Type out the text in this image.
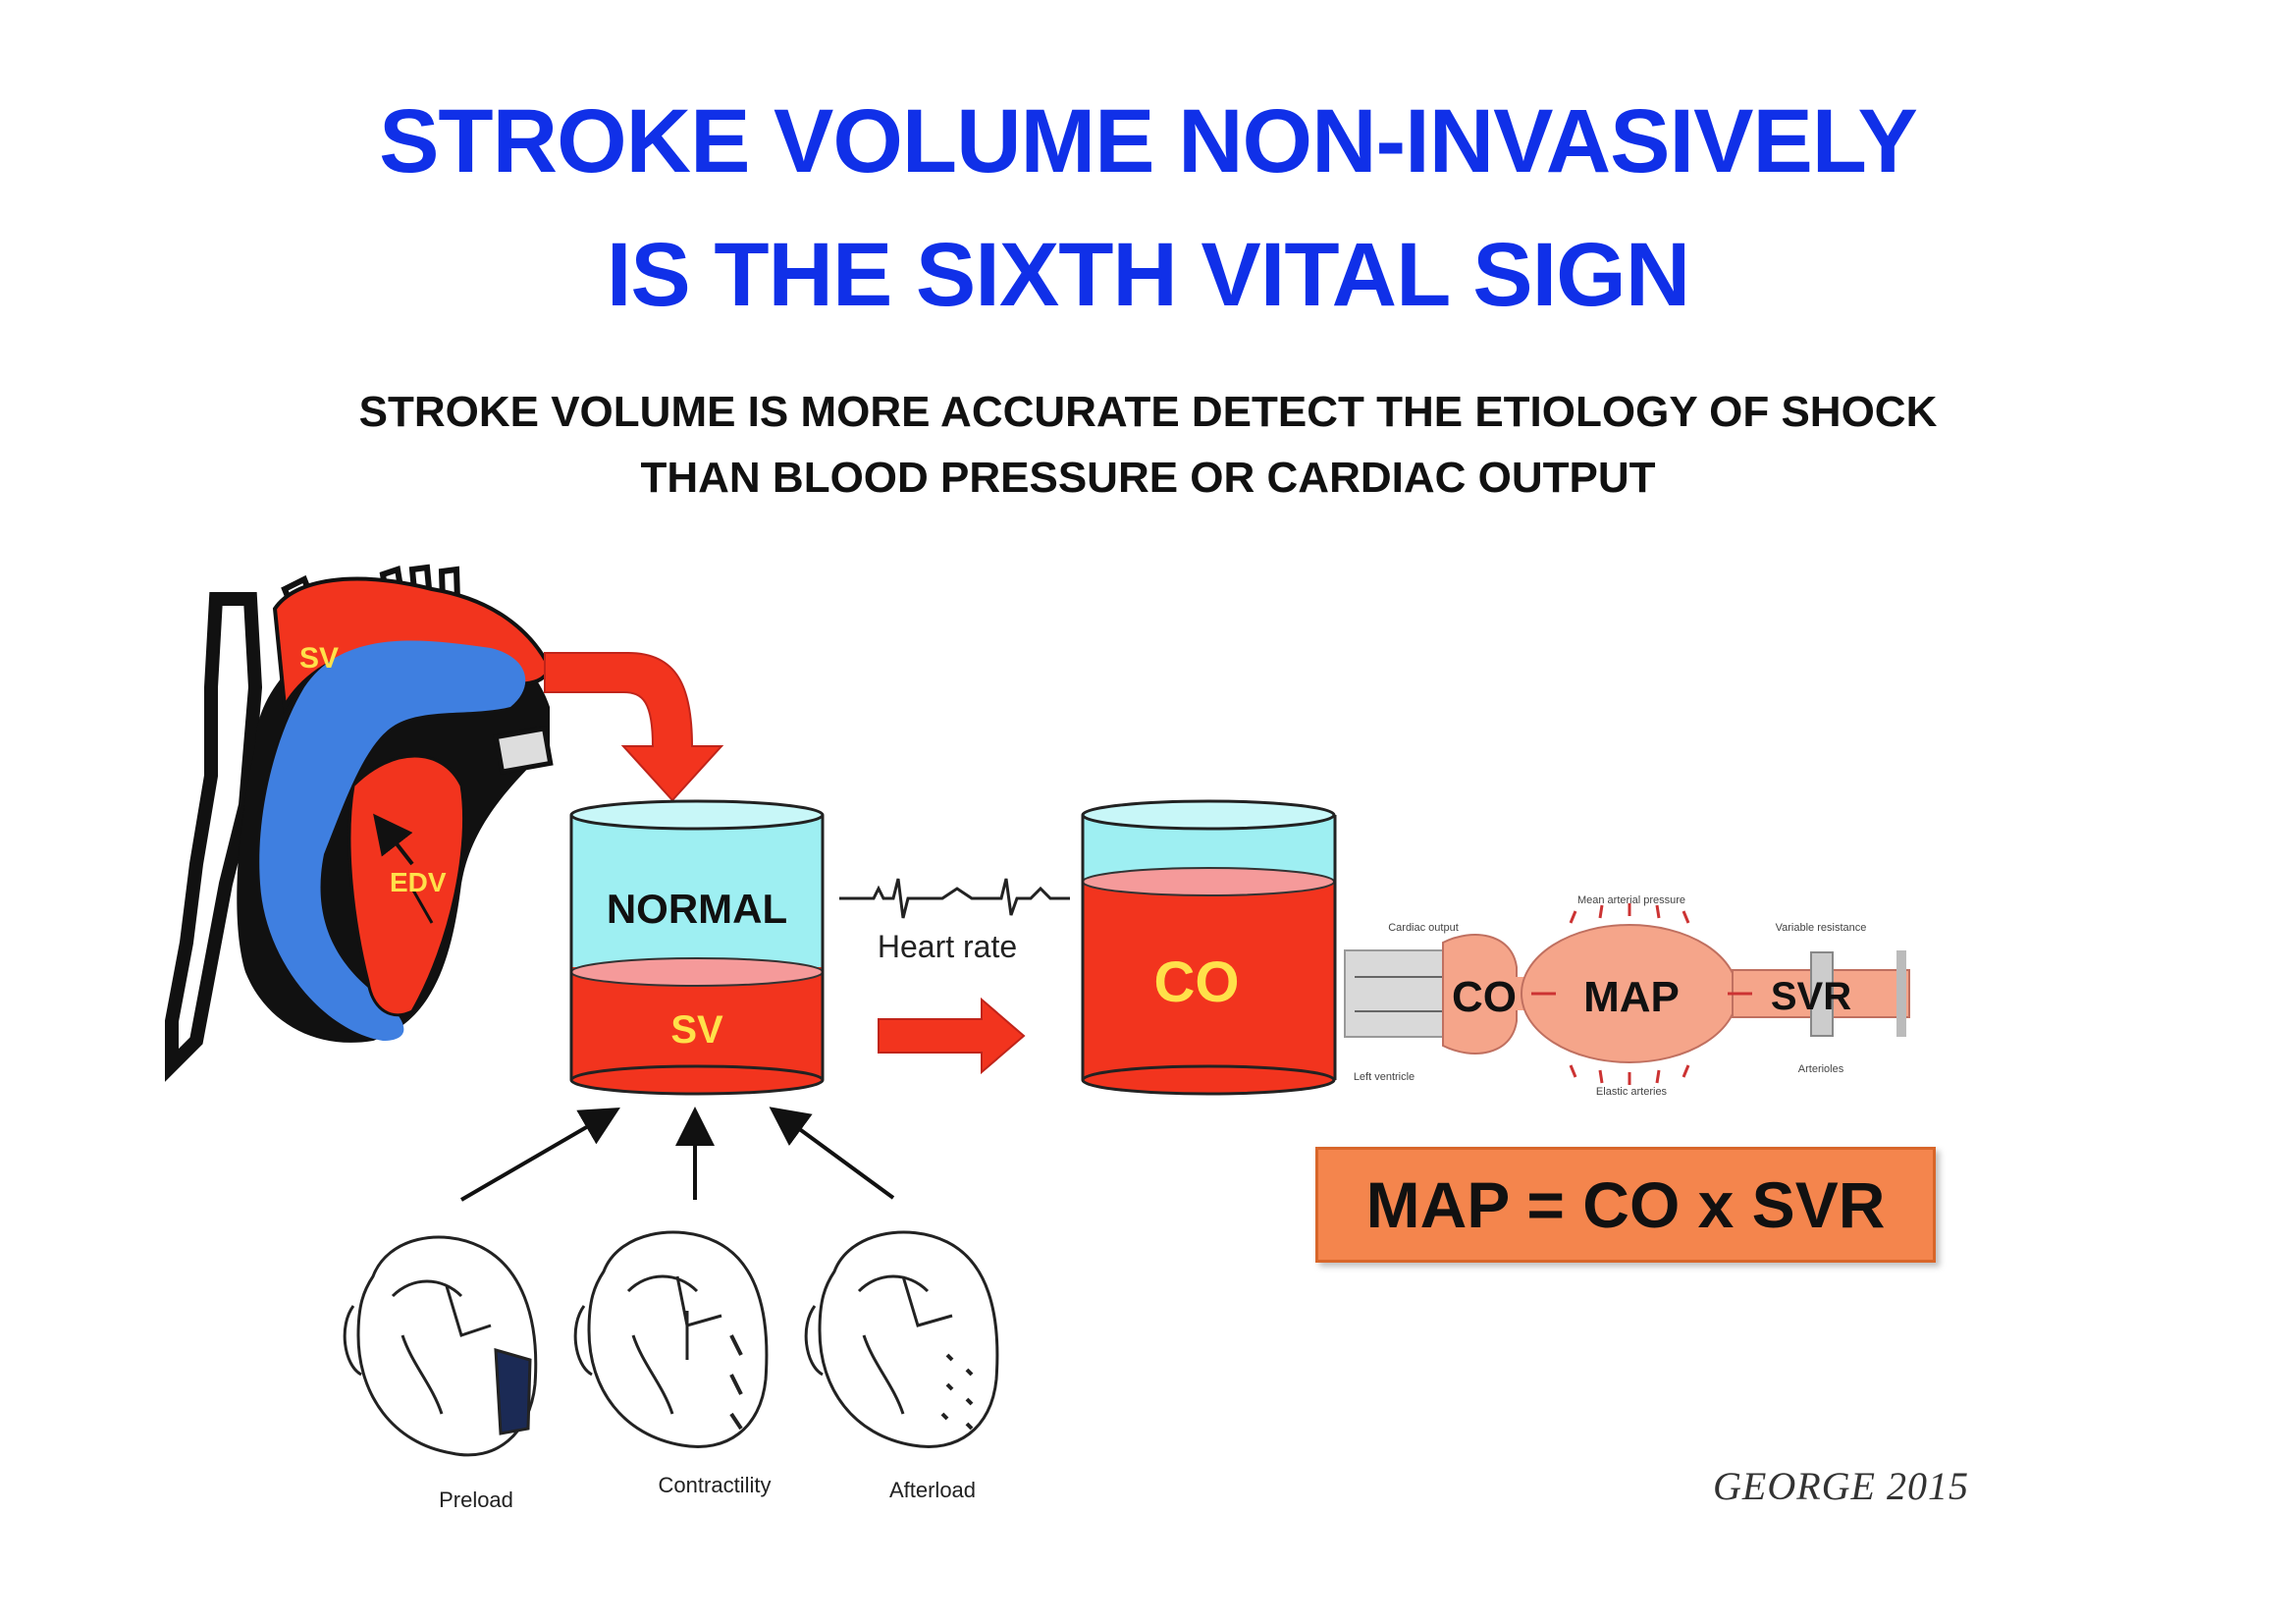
STROKE VOLUME NON-INVASIVELY
IS THE SIXTH VITAL SIGN
STROKE VOLUME IS MORE ACCURATE DETECT THE ETIOLOGY OF SHOCK
THAN BLOOD PRESSURE OR CARDIAC OUTPUT
SV
EDV
NORMAL
SV
Heart rate
CO	CO MAP SVR
Cardiac output
Mean arterial pressure
Variable resistance
Left ventricle
Elastic arteries
Arterioles
Preload
Contractility	Afterload
MAP = CO x SVR
GEORGE 2015
